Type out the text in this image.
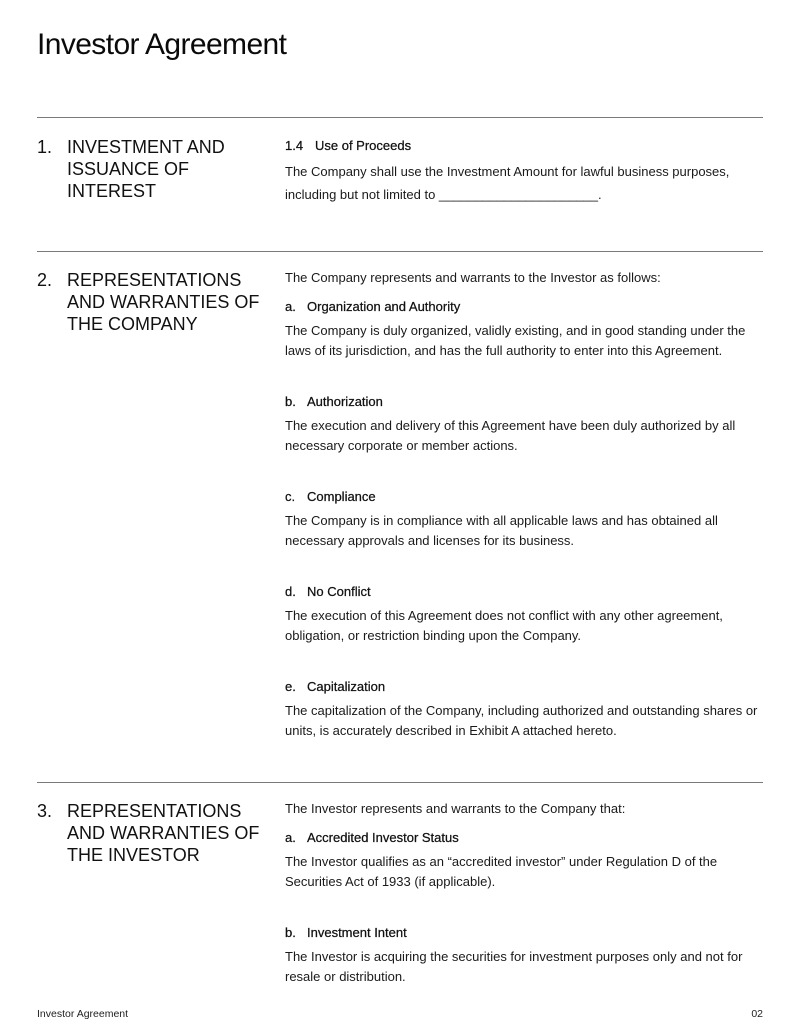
Investor Agreement
1. INVESTMENT AND ISSUANCE OF INTEREST
1.4 Use of Proceeds
The Company shall use the Investment Amount for lawful business purposes, including but not limited to ______________________.
2. REPRESENTATIONS AND WARRANTIES OF THE COMPANY
The Company represents and warrants to the Investor as follows:
a. Organization and Authority
The Company is duly organized, validly existing, and in good standing under the laws of its jurisdiction, and has the full authority to enter into this Agreement.
b. Authorization
The execution and delivery of this Agreement have been duly authorized by all necessary corporate or member actions.
c. Compliance
The Company is in compliance with all applicable laws and has obtained all necessary approvals and licenses for its business.
d. No Conflict
The execution of this Agreement does not conflict with any other agreement, obligation, or restriction binding upon the Company.
e. Capitalization
The capitalization of the Company, including authorized and outstanding shares or units, is accurately described in Exhibit A attached hereto.
3. REPRESENTATIONS AND WARRANTIES OF THE INVESTOR
The Investor represents and warrants to the Company that:
a. Accredited Investor Status
The Investor qualifies as an “accredited investor” under Regulation D of the Securities Act of 1933 (if applicable).
b. Investment Intent
The Investor is acquiring the securities for investment purposes only and not for resale or distribution.
Investor Agreement	02
